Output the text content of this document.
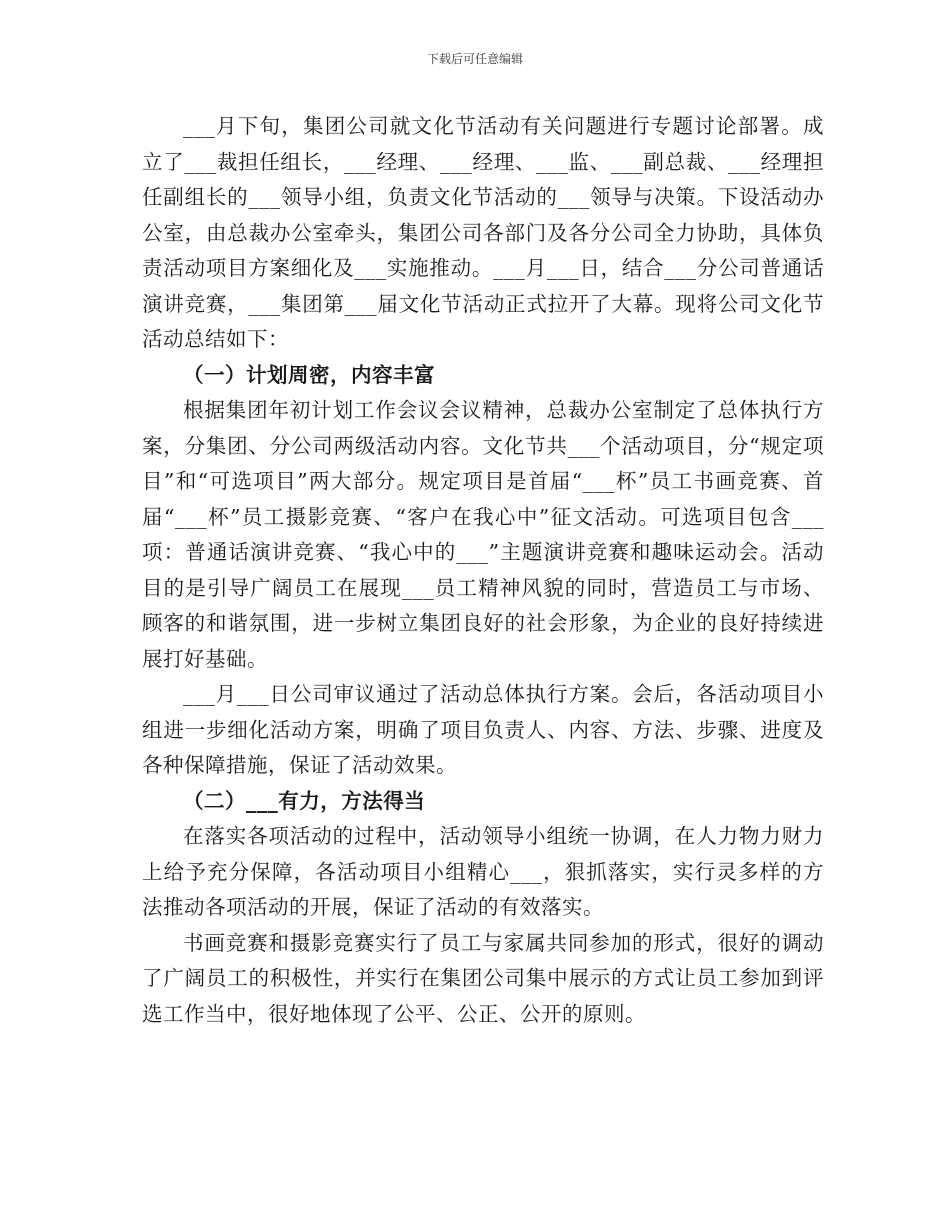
下载后可任意编辑

___月下旬，集团公司就文化节活动有关问题进行专题讨论部署。成立了___裁担任组长，___经理、___经理、___监、___副总裁、___经理担任副组长的___领导小组，负责文化节活动的___领导与决策。下设活动办公室，由总裁办公室牵头，集团公司各部门及各分公司全力协助，具体负责活动项目方案细化及___实施推动。___月___日，结合___分公司普通话演讲竞赛，___集团第___届文化节活动正式拉开了大幕。现将公司文化节活动总结如下：

（一）计划周密，内容丰富

根据集团年初计划工作会议会议精神，总裁办公室制定了总体执行方案，分集团、分公司两级活动内容。文化节共___个活动项目，分“规定项目”和“可选项目”两大部分。规定项目是首届“___杯”员工书画竞赛、首届“___杯”员工摄影竞赛、“客户在我心中”征文活动。可选项目包含___项：普通话演讲竞赛、“我心中的___”主题演讲竞赛和趣味运动会。活动目的是引导广阔员工在展现___员工精神风貌的同时，营造员工与市场、顾客的和谐氛围，进一步树立集团良好的社会形象，为企业的良好持续进展打好基础。

___月___日公司审议通过了活动总体执行方案。会后，各活动项目小组进一步细化活动方案，明确了项目负责人、内容、方法、步骤、进度及各种保障措施，保证了活动效果。

（二）___有力，方法得当

在落实各项活动的过程中，活动领导小组统一协调，在人力物力财力上给予充分保障，各活动项目小组精心___，狠抓落实，实行灵多样的方法推动各项活动的开展，保证了活动的有效落实。

书画竞赛和摄影竞赛实行了员工与家属共同参加的形式，很好的调动了广阔员工的积极性，并实行在集团公司集中展示的方式让员工参加到评选工作当中，很好地体现了公平、公正、公开的原则。
